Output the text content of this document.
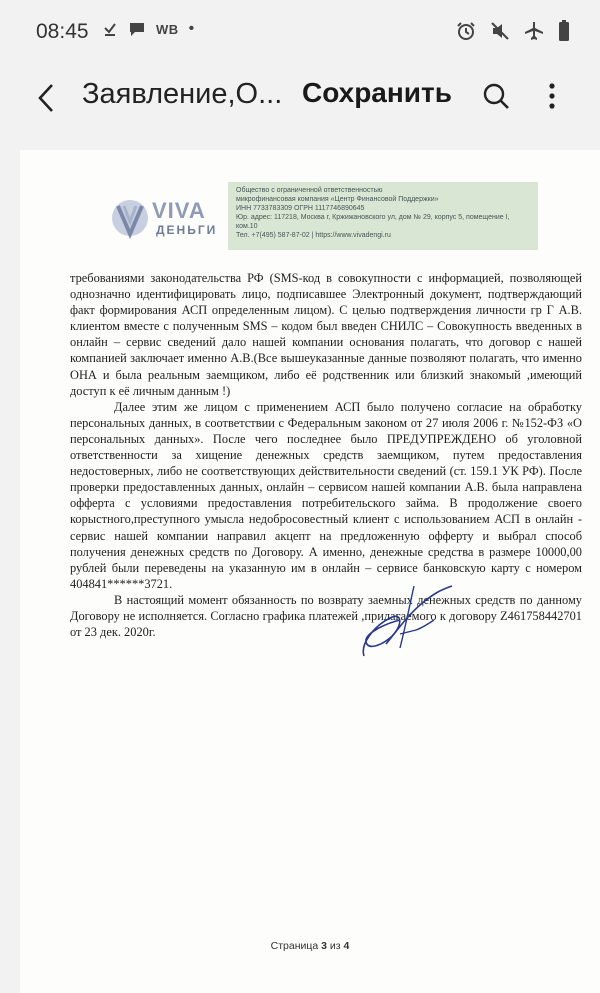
08:45	WB •
Заявление,О... Сохранить
VIVA
ДЕНЬГИ
Общество с ограниченной ответственностью
микрофинансовая компания «Центр Финансовой Поддержки»
ИНН 7733783309 ОГРН 1117746890645
Юр. адрес: 117218, Москва г, Кржижановского ул, дом № 29, корпус 5, помещение I, ком.10
Тел. +7(495) 587-87-02 | https://www.vivadengi.ru

требованиями законодательства РФ (SMS-код в совокупности с информацией, позволяющей однозначно идентифицировать лицо, подписавшее Электронный документ, подтверждающий факт формирования АСП определенным лицом). С целью подтверждения личности гр Г А.В. клиентом вместе с полученным SMS – кодом был введен СНИЛС – Совокупность введенных в онлайн – сервис сведений дало нашей компании основания полагать, что договор с нашей компанией заключает именно А.В.(Все вышеуказанные данные позволяют полагать, что именно ОНА и была реальным заемщиком, либо её родственник или близкий знакомый ,имеющий доступ к её личным данным !)

Далее этим же лицом с применением АСП было получено согласие на обработку персональных данных, в соответствии с Федеральным законом от 27 июля 2006 г. №152-ФЗ «О персональных данных». После чего последнее было ПРЕДУПРЕЖДЕНО об уголовной ответственности за хищение денежных средств заемщиком, путем предоставления недостоверных, либо не соответствующих действительности сведений (ст. 159.1 УК РФ). После проверки предоставленных данных, онлайн – сервисом нашей компании А.В. была направлена офферта с условиями предоставления потребительского займа. В продолжение своего корыстного,преступного умысла недобросовестный клиент с использованием АСП в онлайн - сервис нашей компании направил акцепт на предложенную офферту и выбрал способ получения денежных средств по Договору. А именно, денежные средства в размере 10000,00 рублей были переведены на указанную им в онлайн – сервисе банковскую карту с номером 404841******3721.

В настоящий момент обязанность по возврату заемных денежных средств по данному Договору не исполняется. Согласно графика платежей ,прилагаемого к договору Z461758442701 от 23 дек. 2020г.

Страница 3 из 4
